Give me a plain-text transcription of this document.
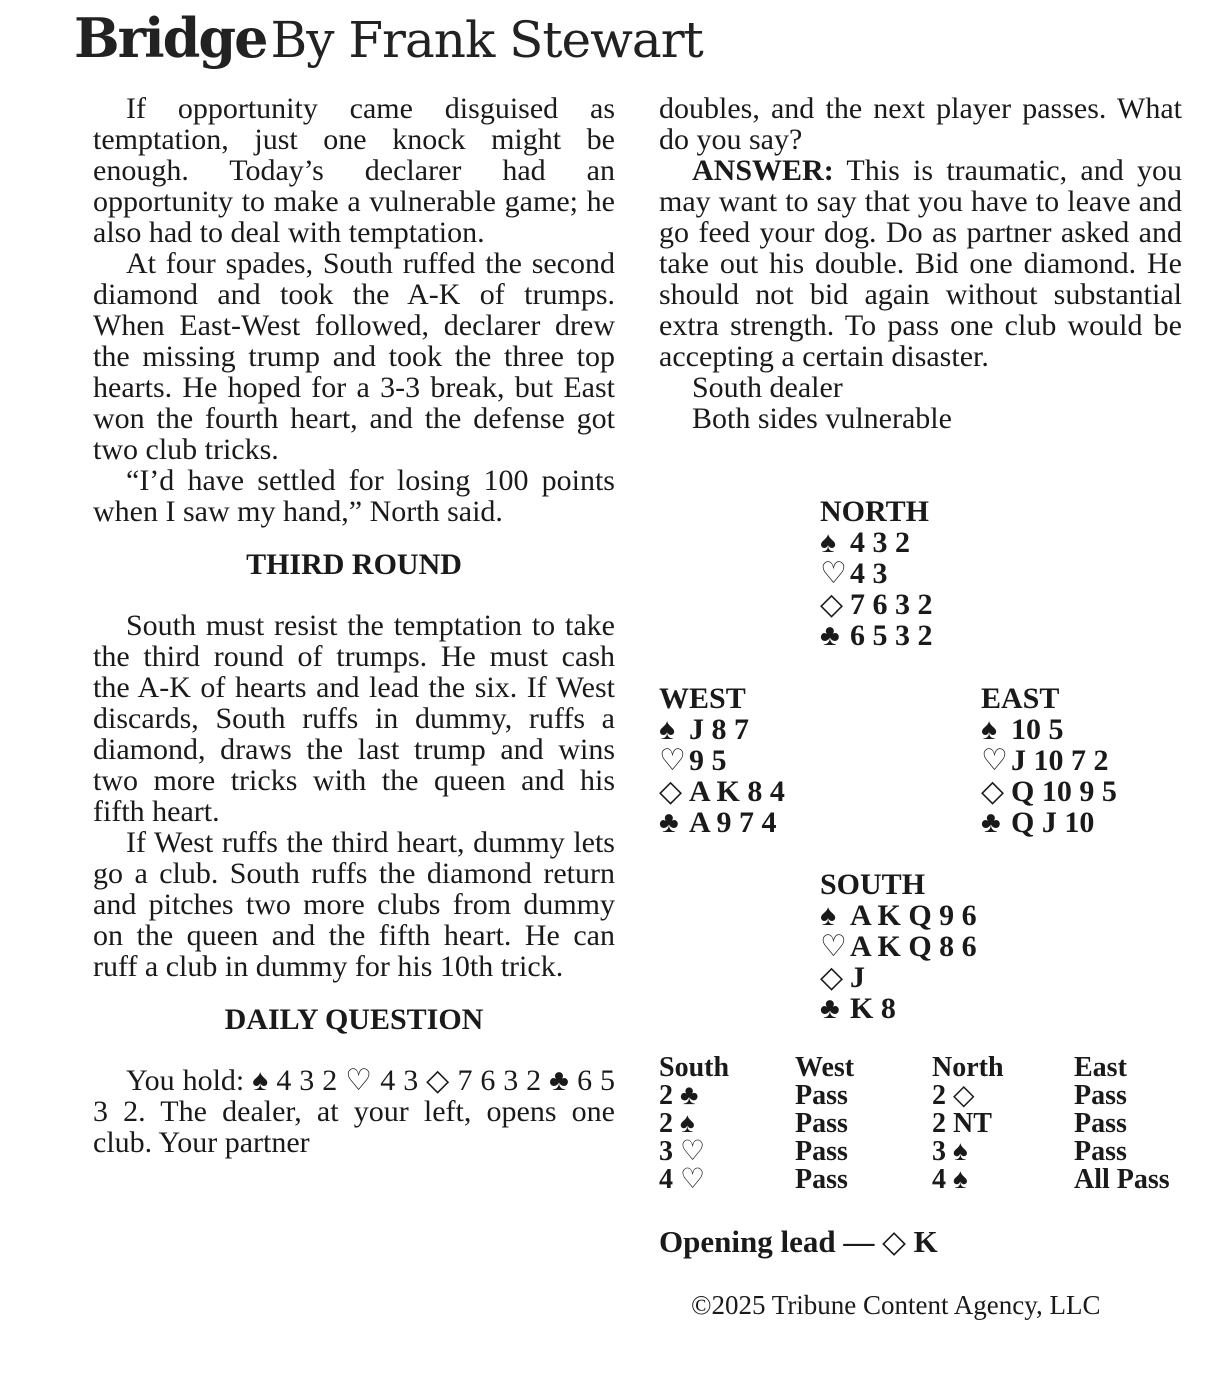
Bridge By Frank Stewart

If opportunity came disguised as temptation, just one knock might be enough. Today’s declarer had an opportunity to make a vulnerable game; he also had to deal with temptation.

At four spades, South ruffed the second diamond and took the A-K of trumps. When East-West followed, declarer drew the missing trump and took the three top hearts. He hoped for a 3-3 break, but East won the fourth heart, and the defense got two club tricks.

“I’d have settled for losing 100 points when I saw my hand,” North said.

THIRD ROUND

South must resist the temptation to take the third round of trumps. He must cash the A-K of hearts and lead the six. If West discards, South ruffs in dummy, ruffs a diamond, draws the last trump and wins two more tricks with the queen and his fifth heart.

If West ruffs the third heart, dummy lets go a club. South ruffs the diamond return and pitches two more clubs from dummy on the queen and the fifth heart. He can ruff a club in dummy for his 10th trick.

DAILY QUESTION

You hold: ♠ 4 3 2 ♡ 4 3 ◇ 7 6 3 2 ♣ 6 5 3 2. The dealer, at your left, opens one club. Your partner

doubles, and the next player passes. What do you say?

ANSWER: This is traumatic, and you may want to say that you have to leave and go feed your dog. Do as partner asked and take out his double. Bid one diamond. He should not bid again without substantial extra strength. To pass one club would be accepting a certain disaster.

South dealer
Both sides vulnerable
NORTH
♠ 4 3 2
♡ 4 3
◇ 7 6 3 2
♣ 6 5 3 2
WEST
♠ J 8 7
♡ 9 5
◇ A K 8 4
♣ A 9 7 4
EAST
♠ 10 5
♡ J 10 7 2
◇ Q 10 9 5
♣ Q J 10
SOUTH
♠ A K Q 9 6
♡ A K Q 8 6
◇ J
♣ K 8
South	West	North	East
2 ♣	Pass	2 ◇	Pass
2 ♠	Pass	2 NT	Pass
3 ♡	Pass	3 ♠	Pass
4 ♡	Pass	4 ♠	All Pass
Opening lead — ◇ K
©2025 Tribune Content Agency, LLC
